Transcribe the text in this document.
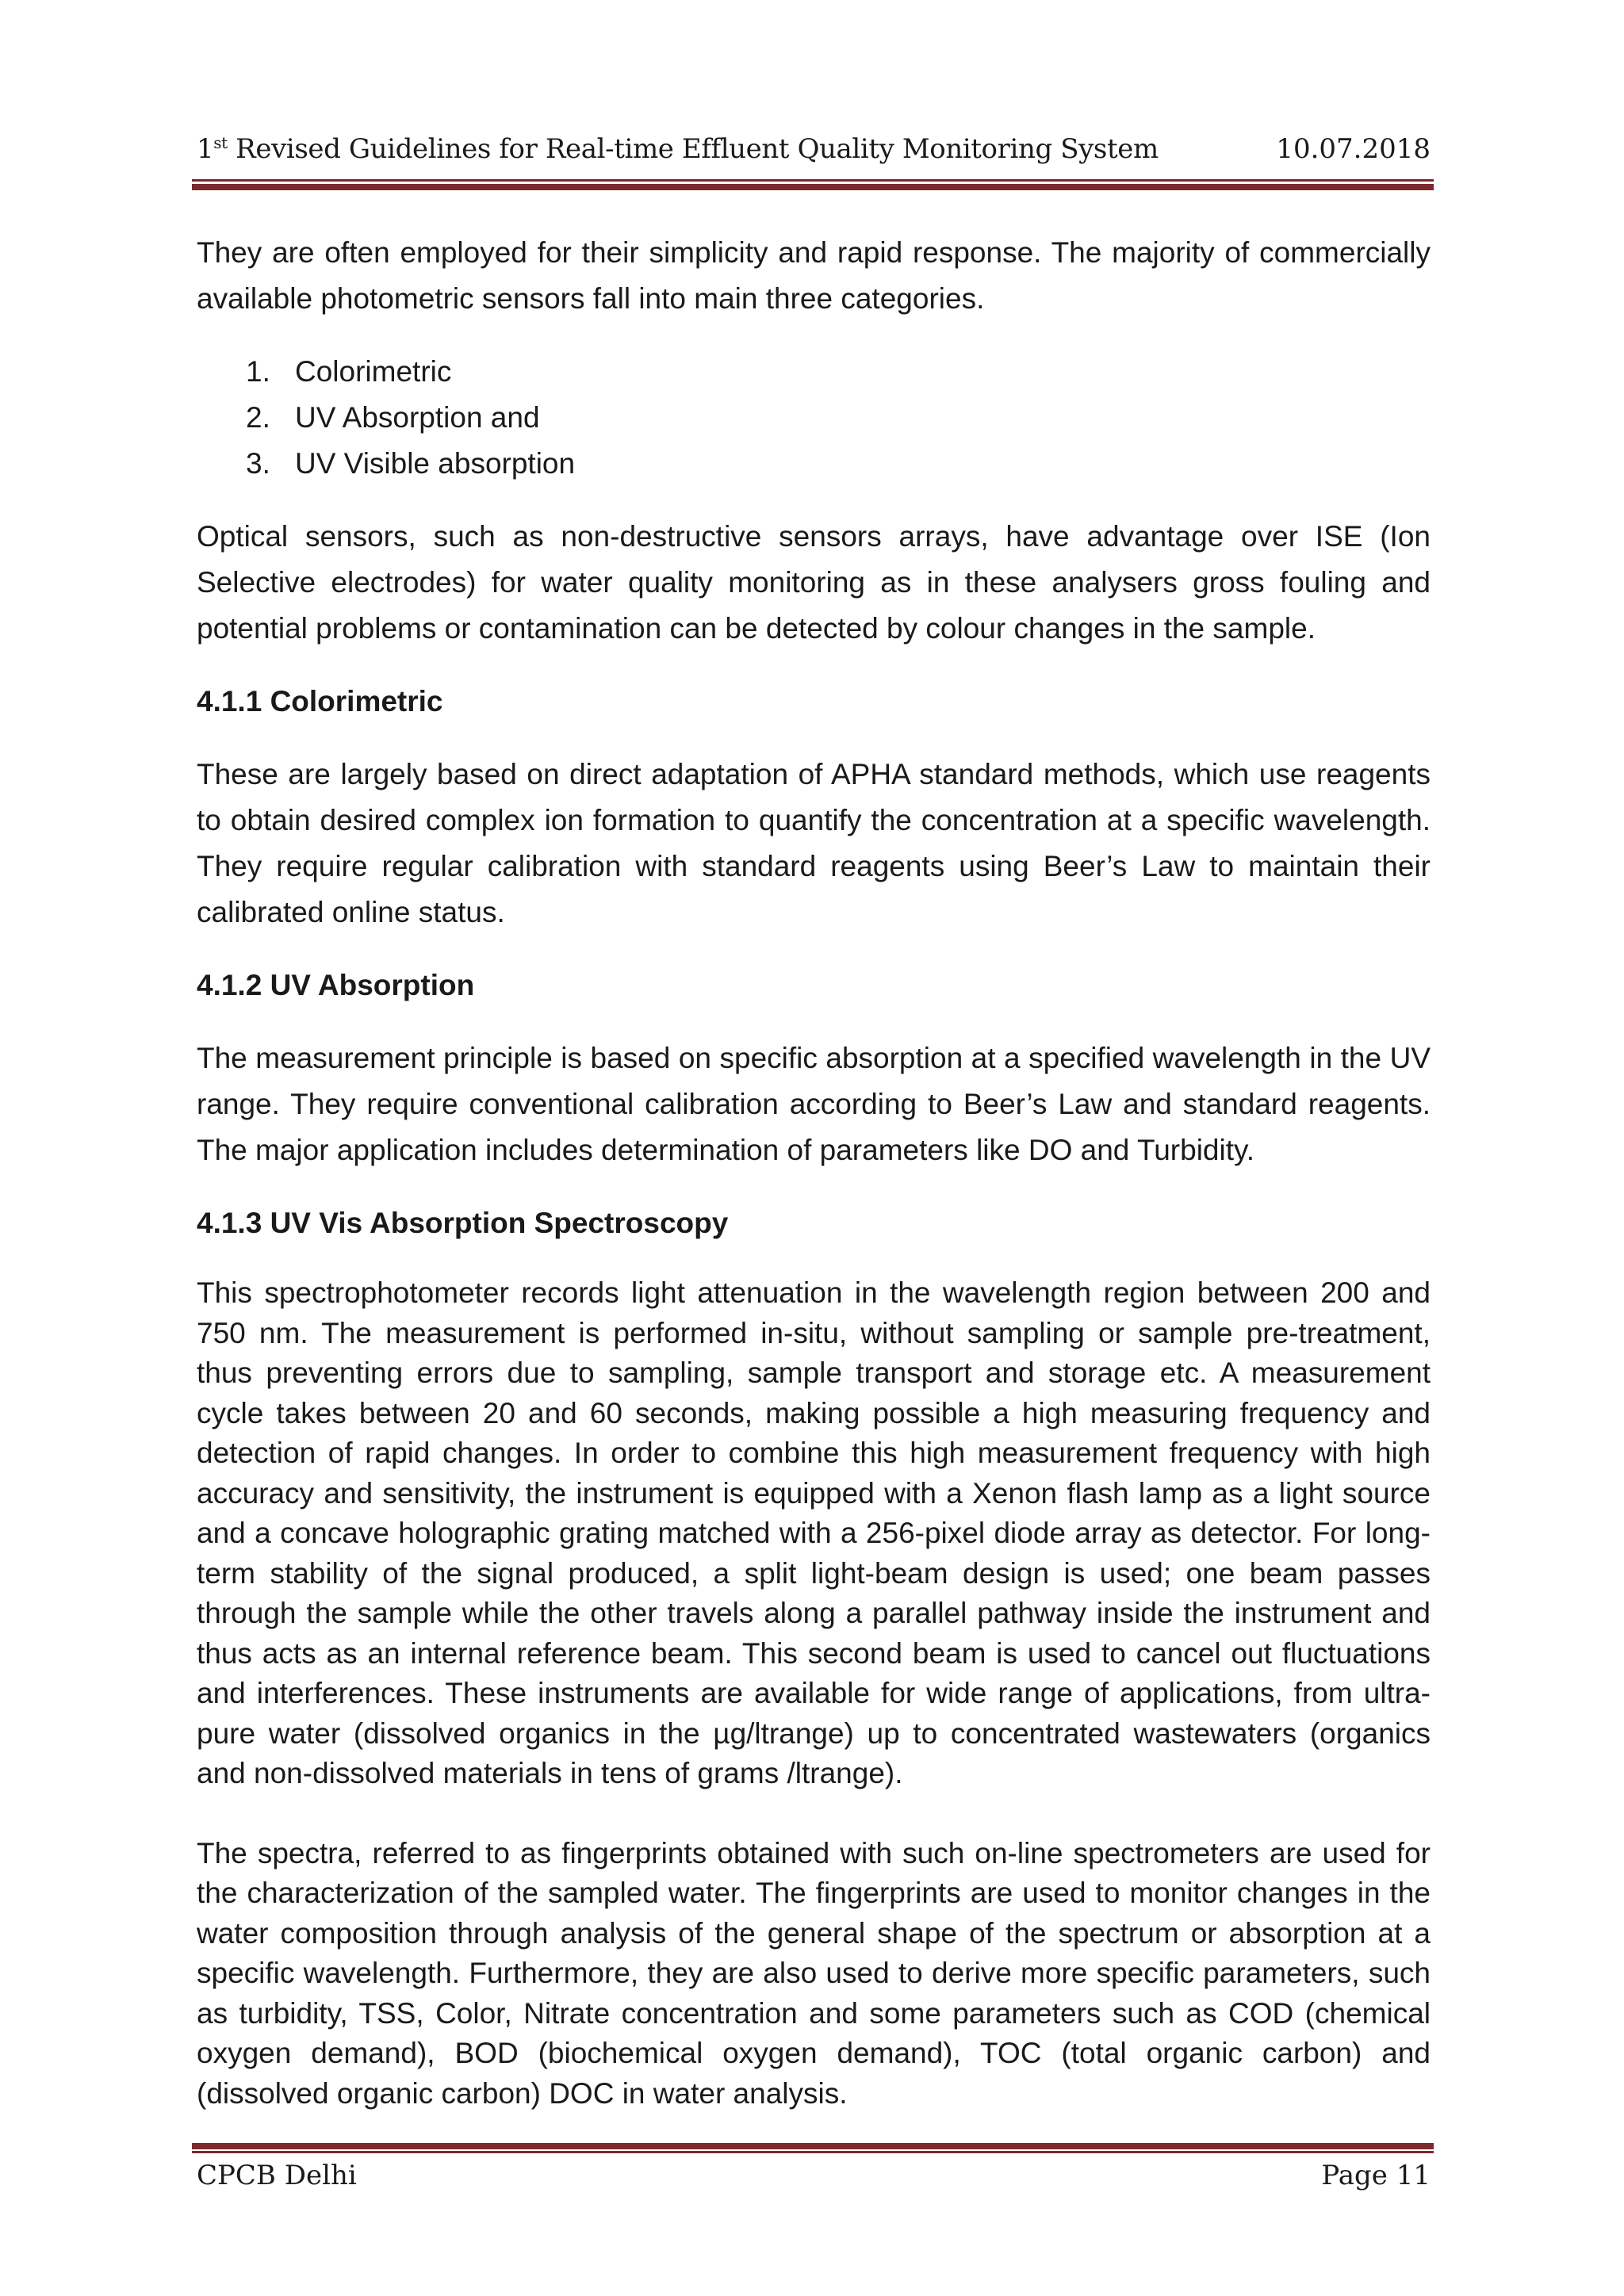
1st Revised Guidelines for Real-time Effluent Quality Monitoring System	10.07.2018

They are often employed for their simplicity and rapid response. The majority of commercially available photometric sensors fall into main three categories.

1. Colorimetric
2. UV Absorption and
3. UV Visible absorption

Optical sensors, such as non-destructive sensors arrays, have advantage over ISE (Ion Selective electrodes) for water quality monitoring as in these analysers gross fouling and potential problems or contamination can be detected by colour changes in the sample.

4.1.1 Colorimetric

These are largely based on direct adaptation of APHA standard methods, which use reagents to obtain desired complex ion formation to quantify the concentration at a specific wavelength. They require regular calibration with standard reagents using Beer’s Law to maintain their calibrated online status.

4.1.2 UV Absorption

The measurement principle is based on specific absorption at a specified wavelength in the UV range. They require conventional calibration according to Beer’s Law and standard reagents. The major application includes determination of parameters like DO and Turbidity.

4.1.3 UV Vis Absorption Spectroscopy

This spectrophotometer records light attenuation in the wavelength region between 200 and 750 nm. The measurement is performed in-situ, without sampling or sample pre-treatment, thus preventing errors due to sampling, sample transport and storage etc. A measurement cycle takes between 20 and 60 seconds, making possible a high measuring frequency and detection of rapid changes. In order to combine this high measurement frequency with high accuracy and sensitivity, the instrument is equipped with a Xenon flash lamp as a light source and a concave holographic grating matched with a 256-pixel diode array as detector. For long-term stability of the signal produced, a split light-beam design is used; one beam passes through the sample while the other travels along a parallel pathway inside the instrument and thus acts as an internal reference beam. This second beam is used to cancel out fluctuations and interferences. These instruments are available for wide range of applications, from ultra-pure water (dissolved organics in the µg/ltrange) up to concentrated wastewaters (organics and non-dissolved materials in tens of grams /ltrange).

The spectra, referred to as fingerprints obtained with such on-line spectrometers are used for the characterization of the sampled water. The fingerprints are used to monitor changes in the water composition through analysis of the general shape of the spectrum or absorption at a specific wavelength. Furthermore, they are also used to derive more specific parameters, such as turbidity, TSS, Color, Nitrate concentration and some parameters such as COD (chemical oxygen demand), BOD (biochemical oxygen demand), TOC (total organic carbon) and (dissolved organic carbon) DOC in water analysis.

CPCB Delhi	Page 11
